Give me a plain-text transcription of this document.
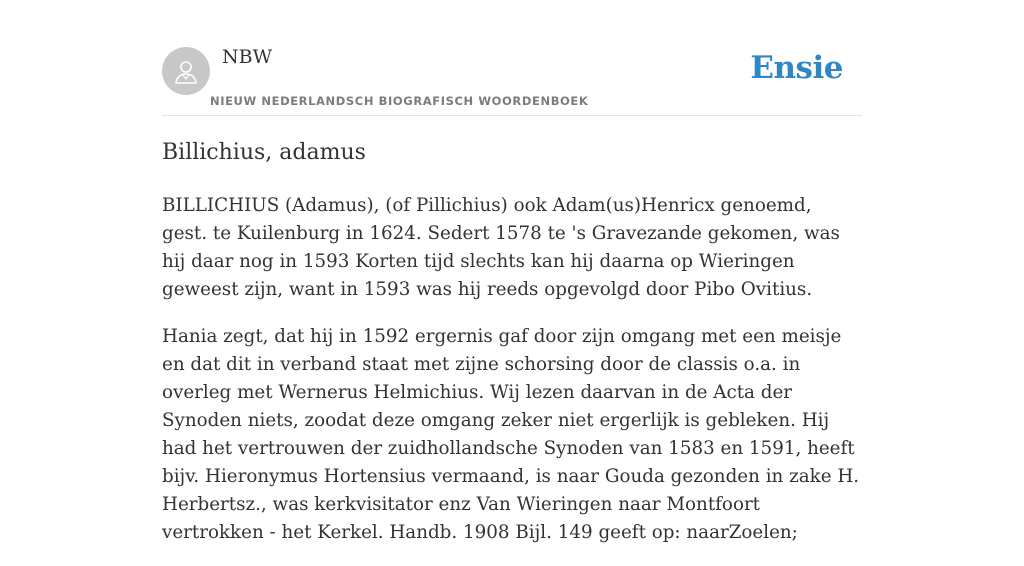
NBW
NIEUW NEDERLANDSCH BIOGRAFISCH WOORDENBOEK
Ensie
Billichius, adamus

BILLICHIUS (Adamus), (of Pillichius) ook Adam(us)Henricx genoemd, gest. te Kuilenburg in 1624. Sedert 1578 te 's Gravezande gekomen, was hij daar nog in 1593 Korten tijd slechts kan hij daarna op Wieringen geweest zijn, want in 1593 was hij reeds opgevolgd door Pibo Ovitius.

Hania zegt, dat hij in 1592 ergernis gaf door zijn omgang met een meisje en dat dit in verband staat met zijne schorsing door de classis o.a. in overleg met Wernerus Helmichius. Wij lezen daarvan in de Acta der Synoden niets, zoodat deze omgang zeker niet ergerlijk is gebleken. Hij had het vertrouwen der zuidhollandsche Synoden van 1583 en 1591, heeft bijv. Hieronymus Hortensius vermaand, is naar Gouda gezonden in zake H. Herbertsz., was kerkvisitator enz Van Wieringen naar Montfoort vertrokken - het Kerkel. Handb. 1908 Bijl. 149 geeft op: naarZoelen;
